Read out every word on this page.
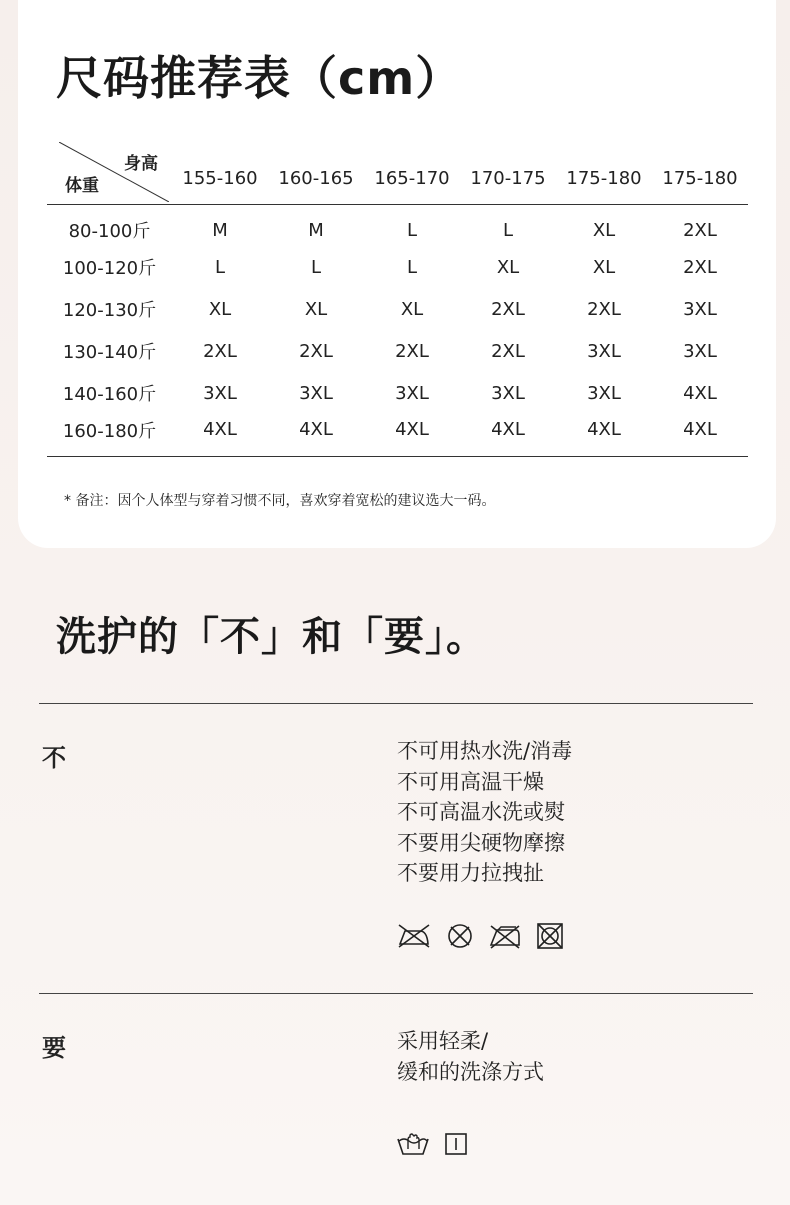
尺码推荐表（cm）
身高
体重	155-160	160-165	165-170	170-175	175-180	175-180
80-100斤	M	M	L	L	XL	2XL
100-120斤	L	L	L	XL	XL	2XL
120-130斤	XL	XL	XL	2XL	2XL	3XL
130-140斤	2XL	2XL	2XL	2XL	3XL	3XL
140-160斤	3XL	3XL	3XL	3XL	3XL	4XL
160-180斤	4XL	4XL	4XL	4XL	4XL	4XL
* 备注：因个人体型与穿着习惯不同，喜欢穿着宽松的建议选大一码。
洗护的「不」和「要」。
不	不可用热水洗/消毒
不可用高温干燥
不可高温水洗或熨
不要用尖硬物摩擦
不要用力拉拽扯
要	采用轻柔/
缓和的洗涤方式
